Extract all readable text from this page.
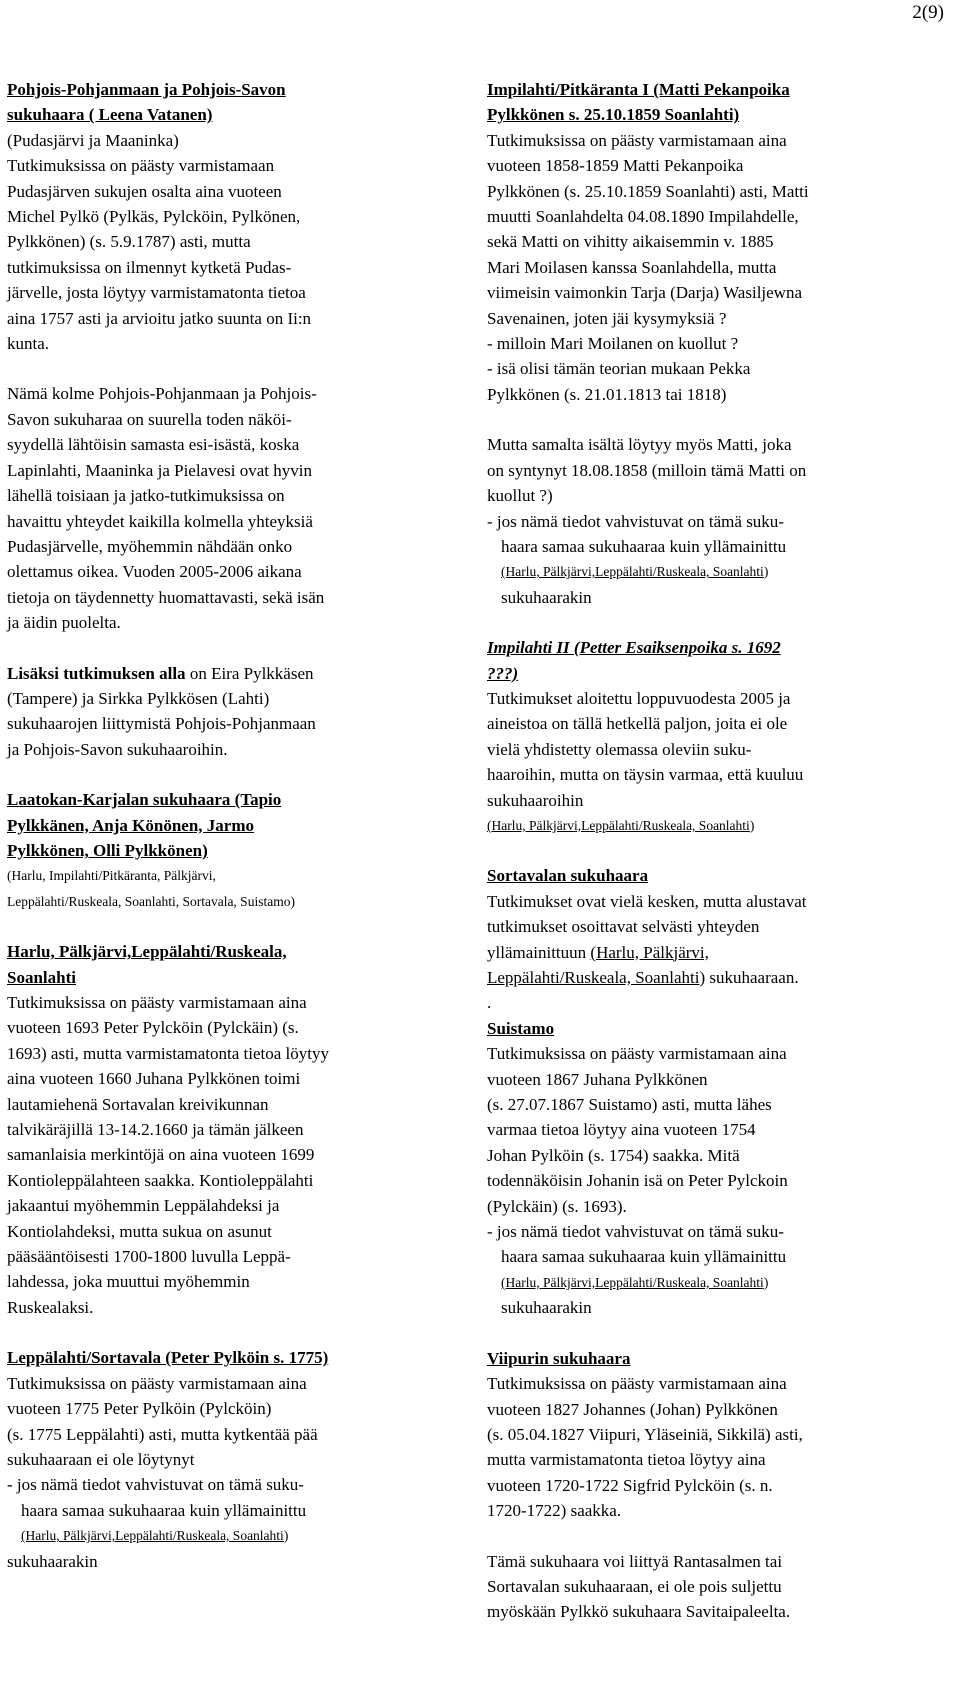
2(9)
Pohjois-Pohjanmaan ja Pohjois-Savon
sukuhaara ( Leena Vatanen)
(Pudasjärvi ja Maaninka)
Tutkimuksissa on päästy varmistamaan
Pudasjärven sukujen osalta aina vuoteen
Michel Pylkö (Pylkäs, Pylcköin, Pylkönen,
Pylkkönen) (s. 5.9.1787) asti, mutta
tutkimuksissa on ilmennyt kytketä Pudas-
järvelle, josta löytyy varmistamatonta tietoa
aina 1757 asti ja arvioitu jatko suunta on Ii:n
kunta.
Nämä kolme Pohjois-Pohjanmaan ja Pohjois-
Savon sukuharaa on suurella toden näköi-
syydellä lähtöisin samasta esi-isästä, koska
Lapinlahti, Maaninka ja Pielavesi ovat hyvin
lähellä toisiaan ja jatko-tutkimuksissa on
havaittu yhteydet kaikilla kolmella yhteyksiä
Pudasjärvelle, myöhemmin nähdään onko
olettamus oikea. Vuoden 2005-2006 aikana
tietoja on täydennetty huomattavasti, sekä isän
ja äidin puolelta.
Lisäksi tutkimuksen alla on Eira Pylkkäsen
(Tampere) ja Sirkka Pylkkösen (Lahti)
sukuhaarojen liittymistä Pohjois-Pohjanmaan
ja Pohjois-Savon sukuhaaroihin.
Laatokan-Karjalan sukuhaara (Tapio
Pylkkänen, Anja Könönen, Jarmo
Pylkkönen, Olli Pylkkönen)
(Harlu, Impilahti/Pitkäranta, Pälkjärvi,
Leppälahti/Ruskeala, Soanlahti, Sortavala, Suistamo)
Harlu, Pälkjärvi,Leppälahti/Ruskeala,
Soanlahti
Tutkimuksissa on päästy varmistamaan aina
vuoteen 1693 Peter Pylcköin (Pylckäin) (s.
1693) asti, mutta varmistamatonta tietoa löytyy
aina vuoteen 1660 Juhana Pylkkönen toimi
lautamiehenä Sortavalan kreivikunnan
talvikäräjillä 13-14.2.1660 ja tämän jälkeen
samanlaisia merkintöjä on aina vuoteen 1699
Kontioleppälahteen saakka. Kontioleppälahti
jakaantui myöhemmin Leppälahdeksi ja
Kontiolahdeksi, mutta sukua on asunut
pääsääntöisesti 1700-1800 luvulla Leppä-
lahdessa, joka muuttui myöhemmin
Ruskealaksi.
Leppälahti/Sortavala (Peter Pylköin s. 1775)
Tutkimuksissa on päästy varmistamaan aina
vuoteen 1775 Peter Pylköin (Pylcköin)
(s. 1775 Leppälahti) asti, mutta kytkentää pää
sukuhaaraan ei ole löytynyt
- jos nämä tiedot vahvistuvat on tämä suku-
haara samaa sukuhaaraa kuin yllämainittu
(Harlu, Pälkjärvi,Leppälahti/Ruskeala, Soanlahti)
sukuhaarakin
Impilahti/Pitkäranta I (Matti Pekanpoika
Pylkkönen s. 25.10.1859 Soanlahti)
Tutkimuksissa on päästy varmistamaan aina
vuoteen 1858-1859 Matti Pekanpoika
Pylkkönen (s. 25.10.1859 Soanlahti) asti, Matti
muutti Soanlahdelta 04.08.1890 Impilahdelle,
sekä Matti on vihitty aikaisemmin v. 1885
Mari Moilasen kanssa Soanlahdella, mutta
viimeisin vaimonkin Tarja (Darja) Wasiljewna
Savenainen, joten jäi kysymyksiä ?
- milloin Mari Moilanen on kuollut ?
- isä olisi tämän teorian mukaan Pekka
Pylkkönen (s. 21.01.1813 tai 1818)
Mutta samalta isältä löytyy myös Matti, joka
on syntynyt 18.08.1858 (milloin tämä Matti on
kuollut ?)
- jos nämä tiedot vahvistuvat on tämä suku-
haara samaa sukuhaaraa kuin yllämainittu
(Harlu, Pälkjärvi,Leppälahti/Ruskeala, Soanlahti)
sukuhaarakin
Impilahti II (Petter Esaiksenpoika s. 1692
???)
Tutkimukset aloitettu loppuvuodesta 2005 ja
aineistoa on tällä hetkellä paljon, joita ei ole
vielä yhdistetty olemassa oleviin suku-
haaroihin, mutta on täysin varmaa, että kuuluu
sukuhaaroihin
(Harlu, Pälkjärvi,Leppälahti/Ruskeala, Soanlahti)
Sortavalan sukuhaara
Tutkimukset ovat vielä kesken, mutta alustavat
tutkimukset osoittavat selvästi yhteyden
yllämainittuun (Harlu, Pälkjärvi,
Leppälahti/Ruskeala, Soanlahti) sukuhaaraan.
.
Suistamo
Tutkimuksissa on päästy varmistamaan aina
vuoteen 1867 Juhana Pylkkönen
(s. 27.07.1867 Suistamo) asti, mutta lähes
varmaa tietoa löytyy aina vuoteen 1754
Johan Pylköin (s. 1754) saakka. Mitä
todennäköisin Johanin isä on Peter Pylckoin
(Pylckäin) (s. 1693).
- jos nämä tiedot vahvistuvat on tämä suku-
haara samaa sukuhaaraa kuin yllämainittu
(Harlu, Pälkjärvi,Leppälahti/Ruskeala, Soanlahti)
sukuhaarakin
Viipurin sukuhaara
Tutkimuksissa on päästy varmistamaan aina
vuoteen 1827 Johannes (Johan) Pylkkönen
(s. 05.04.1827 Viipuri, Yläseiniä, Sikkilä) asti,
mutta varmistamatonta tietoa löytyy aina
vuoteen 1720-1722 Sigfrid Pylcköin (s. n.
1720-1722) saakka.
Tämä sukuhaara voi liittyä Rantasalmen tai
Sortavalan sukuhaaraan, ei ole pois suljettu
myöskään Pylkkö sukuhaara Savitaipaleelta.
